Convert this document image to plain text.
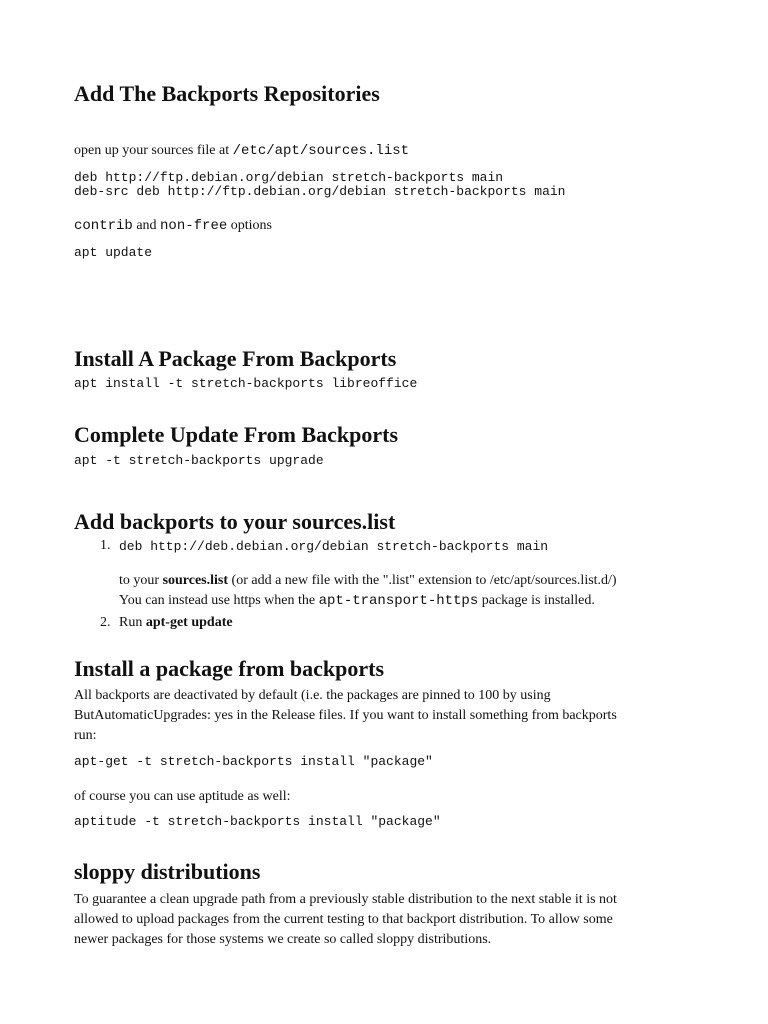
Add The Backports Repositories
open up your sources file at /etc/apt/sources.list
deb http://ftp.debian.org/debian stretch-backports main
deb-src deb http://ftp.debian.org/debian stretch-backports main
contrib and non-free options
apt update
Install A Package From Backports
apt install -t stretch-backports libreoffice
Complete Update From Backports
apt -t stretch-backports upgrade
Add backports to your sources.list
1. deb http://deb.debian.org/debian stretch-backports main
to your sources.list (or add a new file with the ".list" extension to /etc/apt/sources.list.d/)
You can instead use https when the apt-transport-https package is installed.
2. Run apt-get update
Install a package from backports
All backports are deactivated by default (i.e. the packages are pinned to 100 by using
ButAutomaticUpgrades: yes in the Release files. If you want to install something from backports
run:
apt-get -t stretch-backports install "package"
of course you can use aptitude as well:
aptitude -t stretch-backports install "package"
sloppy distributions
To guarantee a clean upgrade path from a previously stable distribution to the next stable it is not
allowed to upload packages from the current testing to that backport distribution. To allow some
newer packages for those systems we create so called sloppy distributions.
